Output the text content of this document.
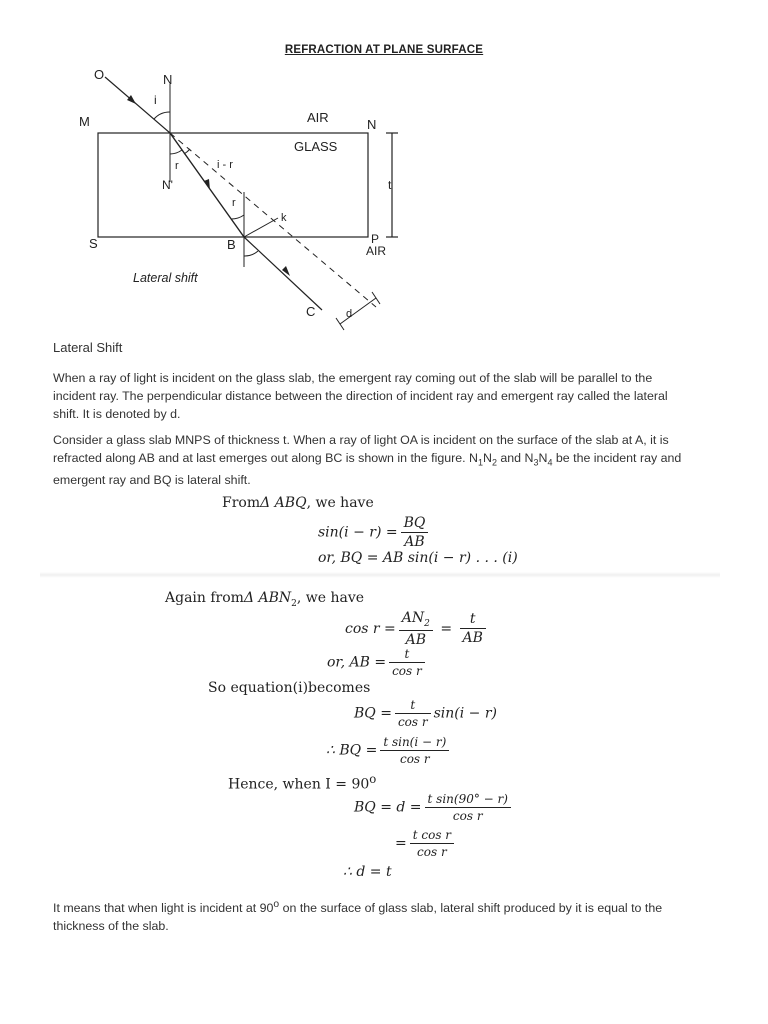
REFRACTION AT PLANE SURFACE
O	N
i
M	AIR	N
GLASS
r	i - r
N'	t
r
k
S	B	P
AIR
Lateral shift
C	d
Lateral Shift
When a ray of light is incident on the glass slab, the emergent ray coming out of the slab will be parallel to the incident ray. The perpendicular distance between the direction of incident ray and emergent ray called the lateral shift. It is denoted by d.
Consider a glass slab MNPS of thickness t. When a ray of light OA is incident on the surface of the slab at A, it is refracted along AB and at last emerges out along BC is shown in the figure. $N_1N_2$ and $N_3N_4$ be the incident ray and emergent ray and BQ is lateral shift.
FromΔ ABQ, we have
$\sin(i - r) = \frac{BQ}{AB}$
or, BQ = AB sin(i − r) . . . (i)
Again fromΔ $ABN_2$, we have
$\cos r = \frac{AN_2}{AB} = \frac{t}{AB}$
or, AB = $\frac{t}{\text{cos r}}$
So equation(i)becomes
BQ = $\frac{t}{\text{cos r}} \sin(i - r)$
∴ BQ = $\frac{\text{t sin(i − r)}}{\text{cos r}}$
Hence, when $I = 90^o$
BQ = $d = \frac{\text{t sin(90° − r)}}{\text{cos r}}$
= $\frac{\text{t cos r}}{\text{cos r}}$
∴ d = t
It means that when light is incident at 90$^o$ on the surface of glass slab, lateral shift produced by it is equal to the thickness of the slab.
